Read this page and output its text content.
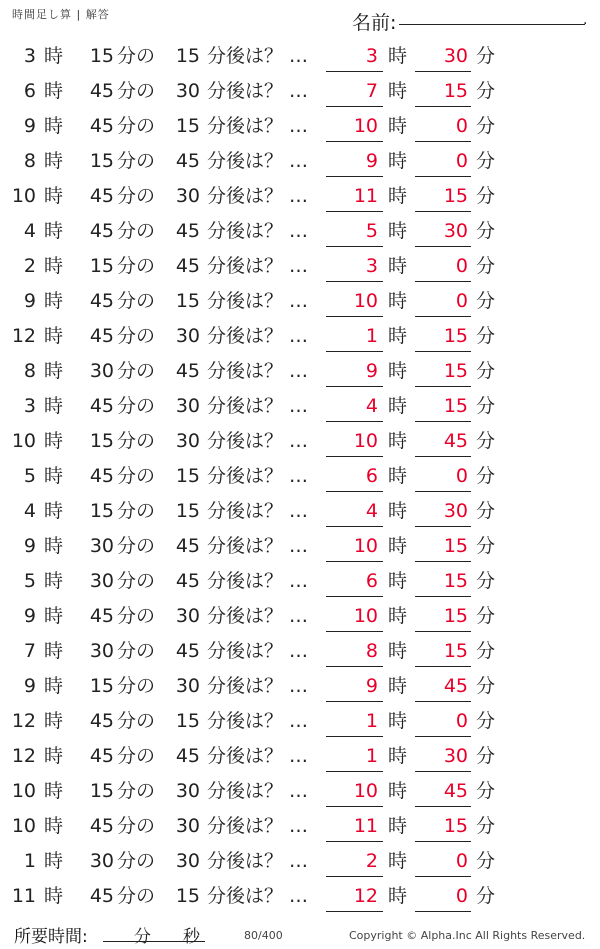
時間足し算 | 解答	名前:	.
3 時	15 分の	15 分後は？ …	3 時	30 分
6 時	45 分の	30 分後は？ …	7 時	15 分
9 時	45 分の	15 分後は？ …	10 時	0 分
8 時	15 分の	45 分後は？ …	9 時	0 分
10 時	45 分の	30 分後は？ …	11 時	15 分
4 時	45 分の	45 分後は？ …	5 時	30 分
2 時	15 分の	45 分後は？ …	3 時	0 分
9 時	45 分の	15 分後は？ …	10 時	0 分
12 時	45 分の	30 分後は？ …	1 時	15 分
8 時	30 分の	45 分後は？ …	9 時	15 分
3 時	45 分の	30 分後は？ …	4 時	15 分
10 時	15 分の	30 分後は？ …	10 時	45 分
5 時	45 分の	15 分後は？ …	6 時	0 分
4 時	15 分の	15 分後は？ …	4 時	30 分
9 時	30 分の	45 分後は？ …	10 時	15 分
5 時	30 分の	45 分後は？ …	6 時	15 分
9 時	45 分の	30 分後は？ …	10 時	15 分
7 時	30 分の	45 分後は？ …	8 時	15 分
9 時	15 分の	30 分後は？ …	9 時	45 分
12 時	45 分の	15 分後は？ …	1 時	0 分
12 時	45 分の	45 分後は？ …	1 時	30 分
10 時	15 分の	30 分後は？ …	10 時	45 分
10 時	45 分の	30 分後は？ …	11 時	15 分
1 時	30 分の	30 分後は？ …	2 時	0 分
11 時	45 分の	15 分後は？ …	12 時	0 分
所要時間:	分 秒	80/400	Copyright © Alpha.Inc All Rights Reserved.
